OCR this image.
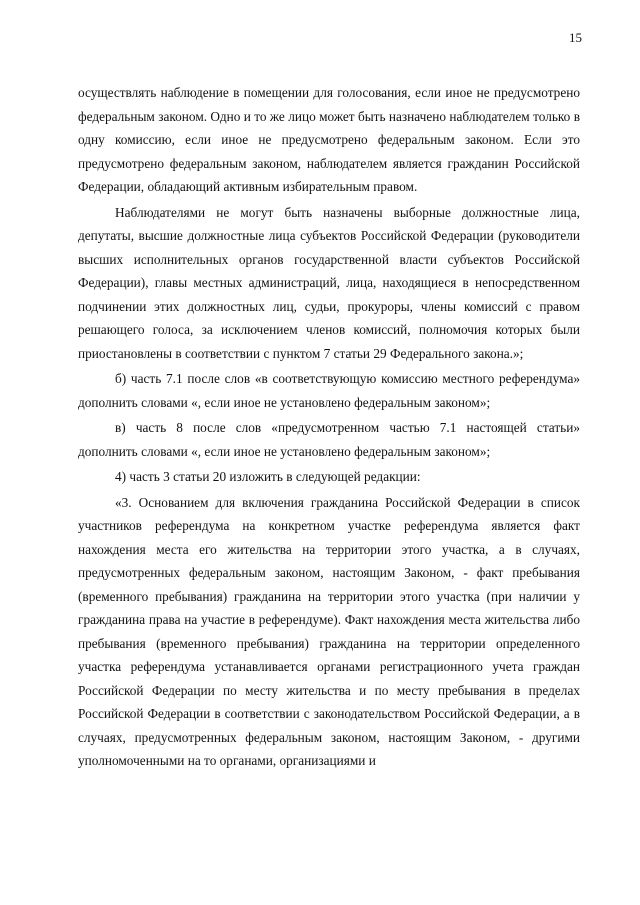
15

осуществлять наблюдение в помещении для голосования, если иное не предусмотрено федеральным законом. Одно и то же лицо может быть назначено наблюдателем только в одну комиссию, если иное не предусмотрено федеральным законом. Если это предусмотрено федеральным законом, наблюдателем является гражданин Российской Федерации, обладающий активным избирательным правом.

Наблюдателями не могут быть назначены выборные должностные лица, депутаты, высшие должностные лица субъектов Российской Федерации (руководители высших исполнительных органов государственной власти субъектов Российской Федерации), главы местных администраций, лица, находящиеся в непосредственном подчинении этих должностных лиц, судьи, прокуроры, члены комиссий с правом решающего голоса, за исключением членов комиссий, полномочия которых были приостановлены в соответствии с пунктом 7 статьи 29 Федерального закона.»;

б) часть 7.1 после слов «в соответствующую комиссию местного референдума» дополнить словами «, если иное не установлено федеральным законом»;

в) часть 8 после слов «предусмотренном частью 7.1 настоящей статьи» дополнить словами «, если иное не установлено федеральным законом»;

4) часть 3 статьи 20 изложить в следующей редакции:

«3. Основанием для включения гражданина Российской Федерации в список участников референдума на конкретном участке референдума является факт нахождения места его жительства на территории этого участка, а в случаях, предусмотренных федеральным законом, настоящим Законом, - факт пребывания (временного пребывания) гражданина на территории этого участка (при наличии у гражданина права на участие в референдуме). Факт нахождения места жительства либо пребывания (временного пребывания) гражданина на территории определенного участка референдума устанавливается органами регистрационного учета граждан Российской Федерации по месту жительства и по месту пребывания в пределах Российской Федерации в соответствии с законодательством Российской Федерации, а в случаях, предусмотренных федеральным законом, настоящим Законом, - другими уполномоченными на то органами, организациями и
